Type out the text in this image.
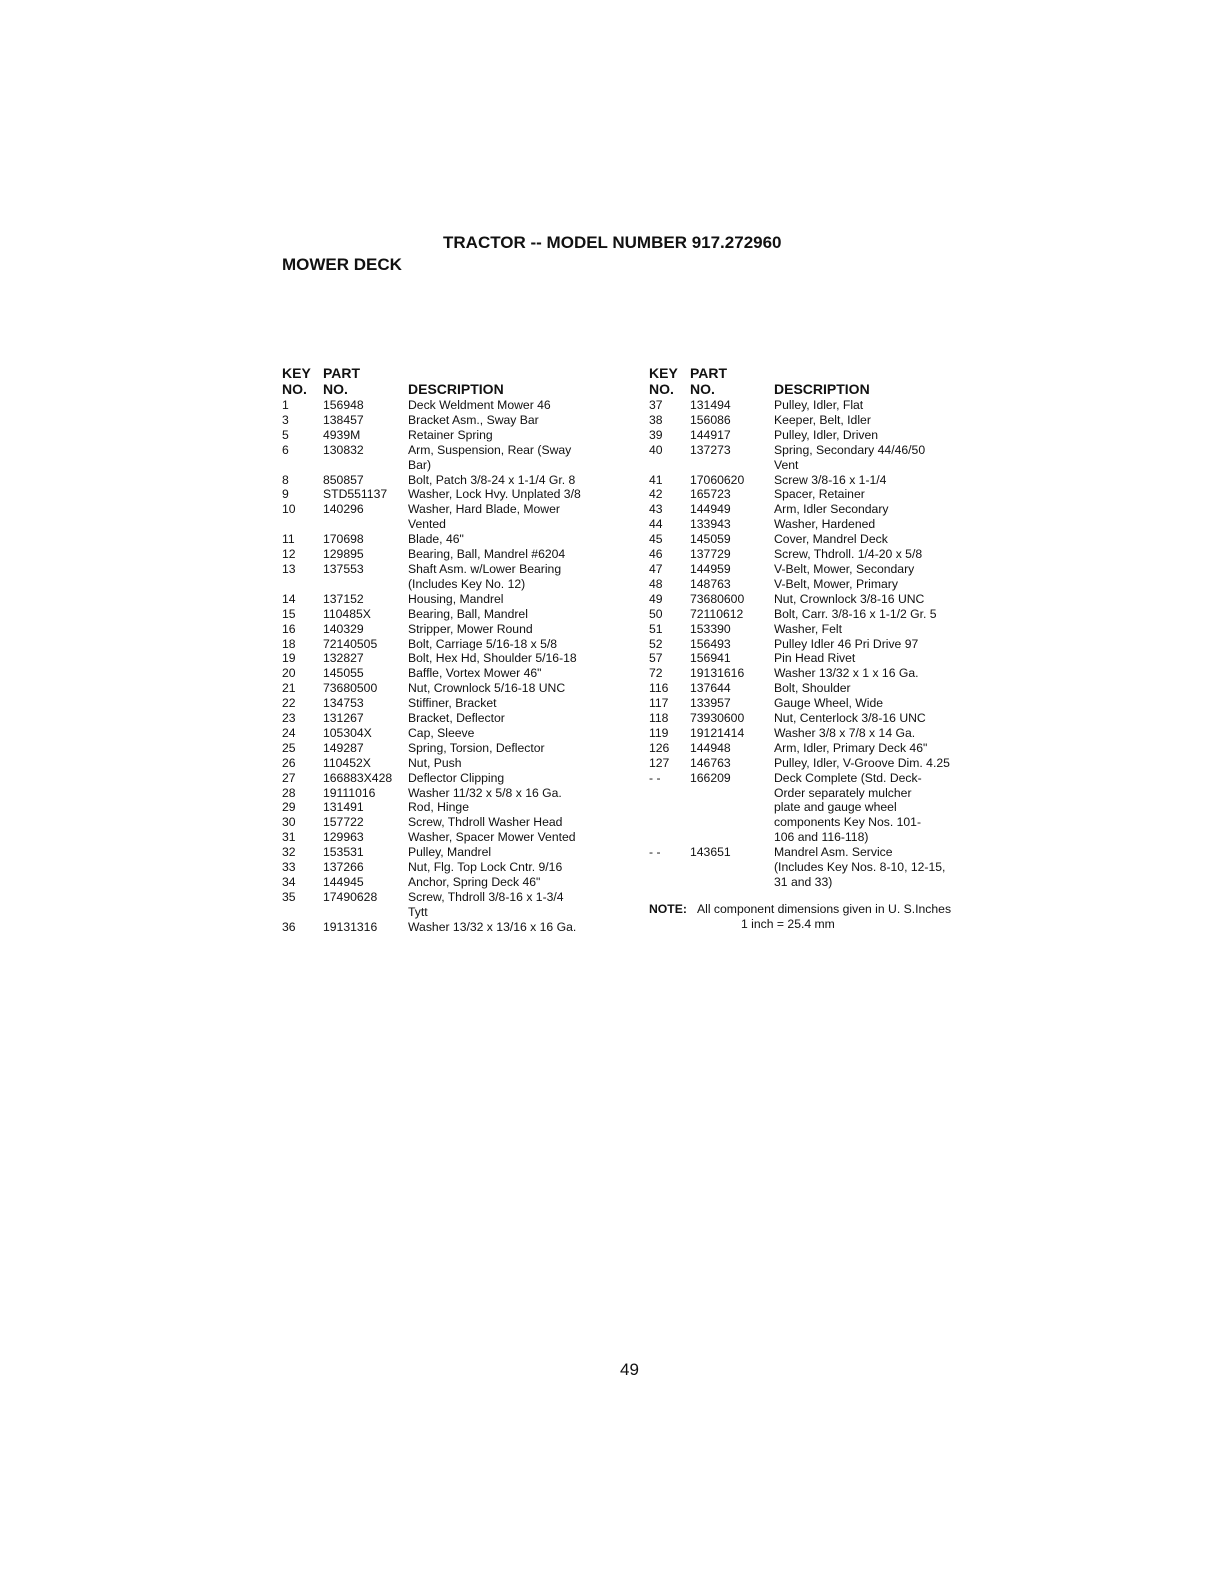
TRACTOR -- MODEL NUMBER 917.272960
MOWER DECK
KEY PART
NO.	NO.	DESCRIPTION
1	156948	Deck Weldment Mower 46
3	138457	Bracket Asm., Sway Bar
5	4939M	Retainer Spring
6	130832	Arm, Suspension, Rear (Sway
Bar)
8	850857	Bolt, Patch 3/8-24 x 1-1/4 Gr. 8
9	STD551137	Washer, Lock Hvy. Unplated 3/8
10	140296	Washer, Hard Blade, Mower
Vented
11	170698	Blade, 46"
12	129895	Bearing, Ball, Mandrel #6204
13	137553	Shaft Asm. w/Lower Bearing
(Includes Key No. 12)
14	137152	Housing, Mandrel
15	110485X	Bearing, Ball, Mandrel
16	140329	Stripper, Mower Round
18	72140505	Bolt, Carriage 5/16-18 x 5/8
19	132827	Bolt, Hex Hd, Shoulder 5/16-18
20	145055	Baffle, Vortex Mower 46"
21	73680500	Nut, Crownlock 5/16-18 UNC
22	134753	Stiffiner, Bracket
23	131267	Bracket, Deflector
24	105304X	Cap, Sleeve
25	149287	Spring, Torsion, Deflector
26	110452X	Nut, Push
27	166883X428	Deflector Clipping
28	19111016	Washer 11/32 x 5/8 x 16 Ga.
29	131491	Rod, Hinge
30	157722	Screw, Thdroll Washer Head
31	129963	Washer, Spacer Mower Vented
32	153531	Pulley, Mandrel
33	137266	Nut, Flg. Top Lock Cntr. 9/16
34	144945	Anchor, Spring Deck 46"
35	17490628	Screw, Thdroll 3/8-16 x 1-3/4
Tytt
36	19131316	Washer 13/32 x 13/16 x 16 Ga.
KEY PART
NO.	NO.	DESCRIPTION
37	131494	Pulley, Idler, Flat
38	156086	Keeper, Belt, Idler
39	144917	Pulley, Idler, Driven
40	137273	Spring, Secondary 44/46/50
Vent
41	17060620	Screw 3/8-16 x 1-1/4
42	165723	Spacer, Retainer
43	144949	Arm, Idler Secondary
44	133943	Washer, Hardened
45	145059	Cover, Mandrel Deck
46	137729	Screw, Thdroll. 1/4-20 x 5/8
47	144959	V-Belt, Mower, Secondary
48	148763	V-Belt, Mower, Primary
49	73680600	Nut, Crownlock 3/8-16 UNC
50	72110612	Bolt, Carr. 3/8-16 x 1-1/2 Gr. 5
51	153390	Washer, Felt
52	156493	Pulley Idler 46 Pri Drive 97
57	156941	Pin Head Rivet
72	19131616	Washer 13/32 x 1 x 16 Ga.
116	137644	Bolt, Shoulder
117	133957	Gauge Wheel, Wide
118	73930600	Nut, Centerlock 3/8-16 UNC
119	19121414	Washer 3/8 x 7/8 x 14 Ga.
126	144948	Arm, Idler, Primary Deck 46"
127	146763	Pulley, Idler, V-Groove Dim. 4.25
- -	166209	Deck Complete (Std. Deck-
Order separately mulcher
plate and gauge wheel
components Key Nos. 101-
106 and 116-118)
- -	143651	Mandrel Asm. Service
(Includes Key Nos. 8-10, 12-15,
31 and 33)
NOTE: All component dimensions given in U. S.Inches
1 inch = 25.4 mm
49
